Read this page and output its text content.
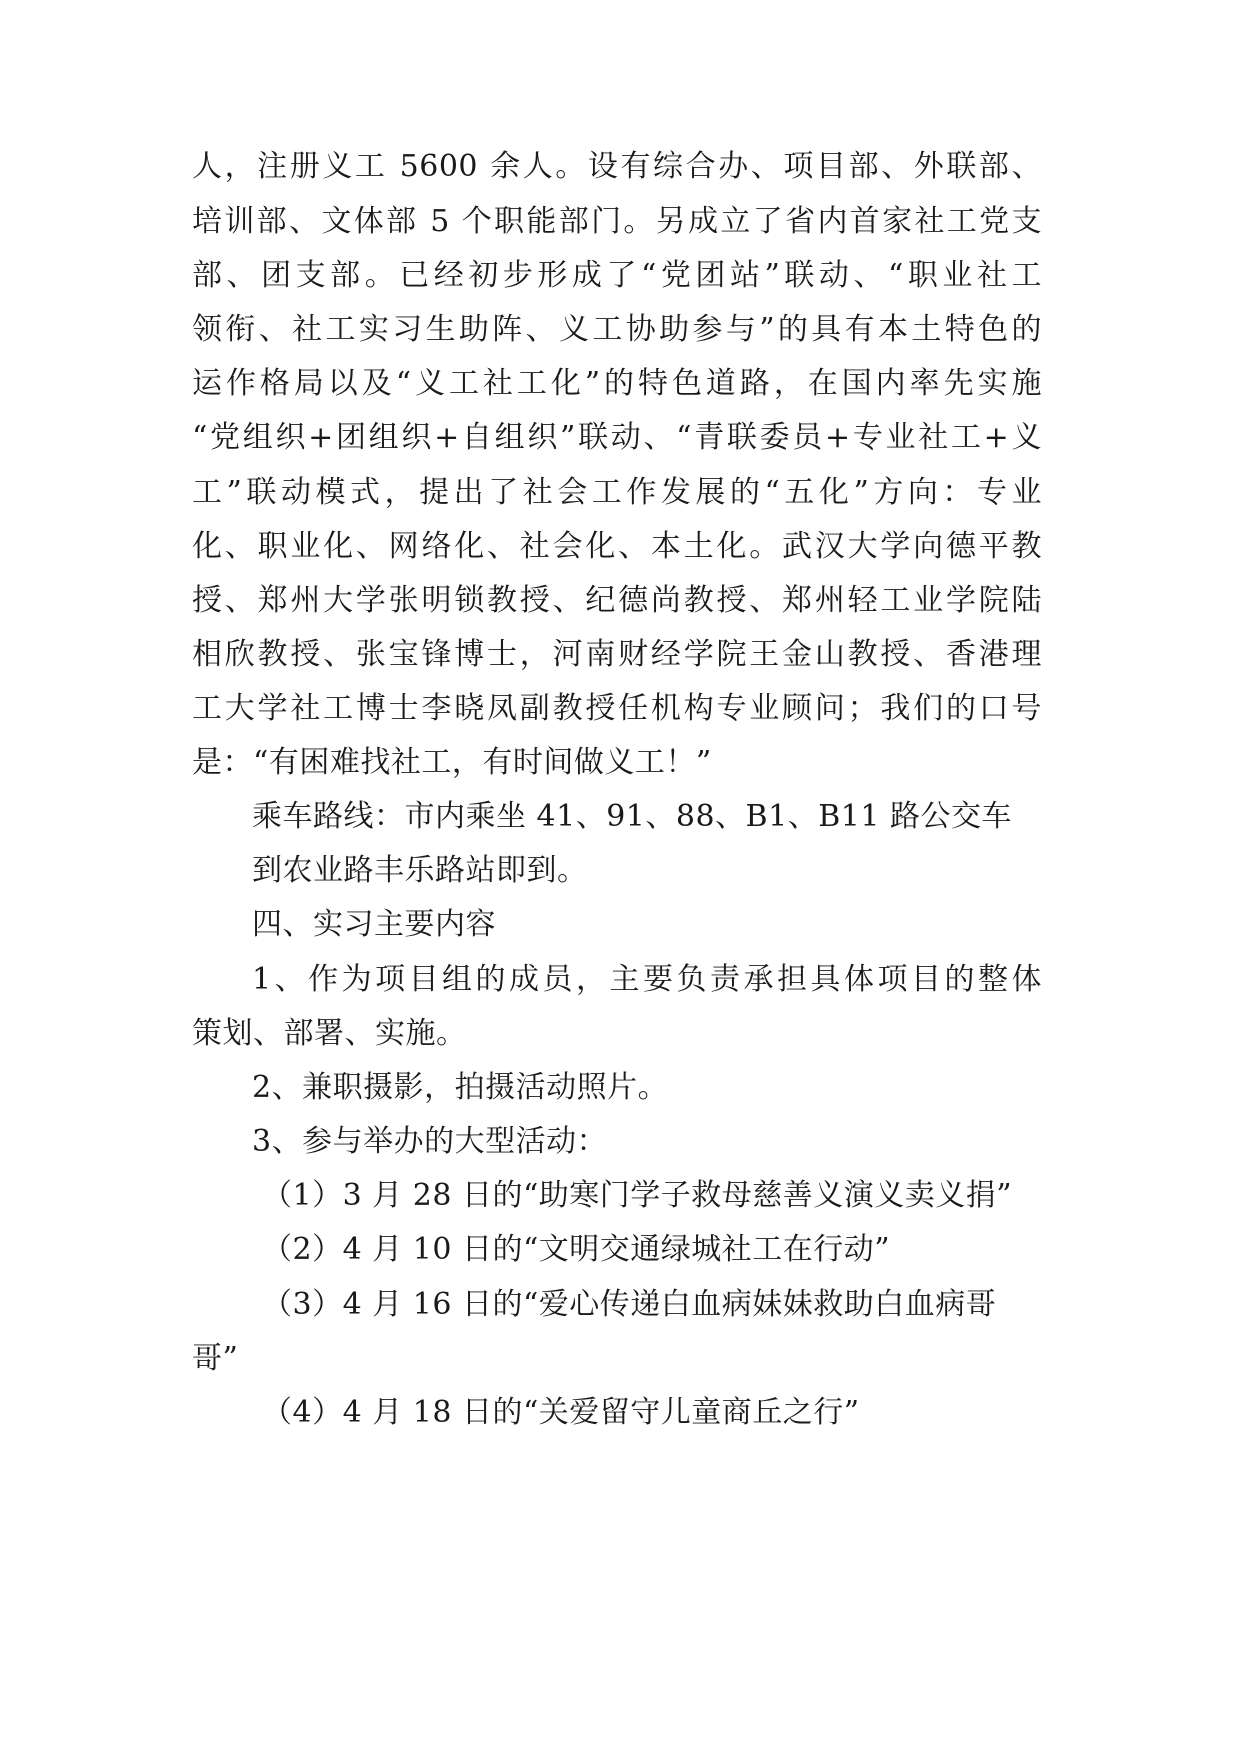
人，注册义工 5600 余人。设有综合办、项目部、外联部、
培训部、文体部 5 个职能部门。另成立了省内首家社工党支
部、团支部。已经初步形成了“党团站”联动、“职业社工
领衔、社工实习生助阵、义工协助参与”的具有本土特色的
运作格局以及“义工社工化”的特色道路，在国内率先实施
“党组织+团组织+自组织”联动、“青联委员+专业社工+义
工”联动模式，提出了社会工作发展的“五化”方向：专业
化、职业化、网络化、社会化、本土化。武汉大学向德平教
授、郑州大学张明锁教授、纪德尚教授、郑州轻工业学院陆
相欣教授、张宝锋博士，河南财经学院王金山教授、香港理
工大学社工博士李晓凤副教授任机构专业顾问；我们的口号
是：“有困难找社工，有时间做义工！”
乘车路线：市内乘坐 41、91、88、B1、B11 路公交车
到农业路丰乐路站即到。
四、实习主要内容
1、作为项目组的成员，主要负责承担具体项目的整体
策划、部署、实施。
2、兼职摄影，拍摄活动照片。
3、参与举办的大型活动：
（1）3 月 28 日的“助寒门学子救母慈善义演义卖义捐”
（2）4 月 10 日的“文明交通绿城社工在行动”
（3）4 月 16 日的“爱心传递白血病妹妹救助白血病哥
哥”
（4）4 月 18 日的“关爱留守儿童商丘之行”
